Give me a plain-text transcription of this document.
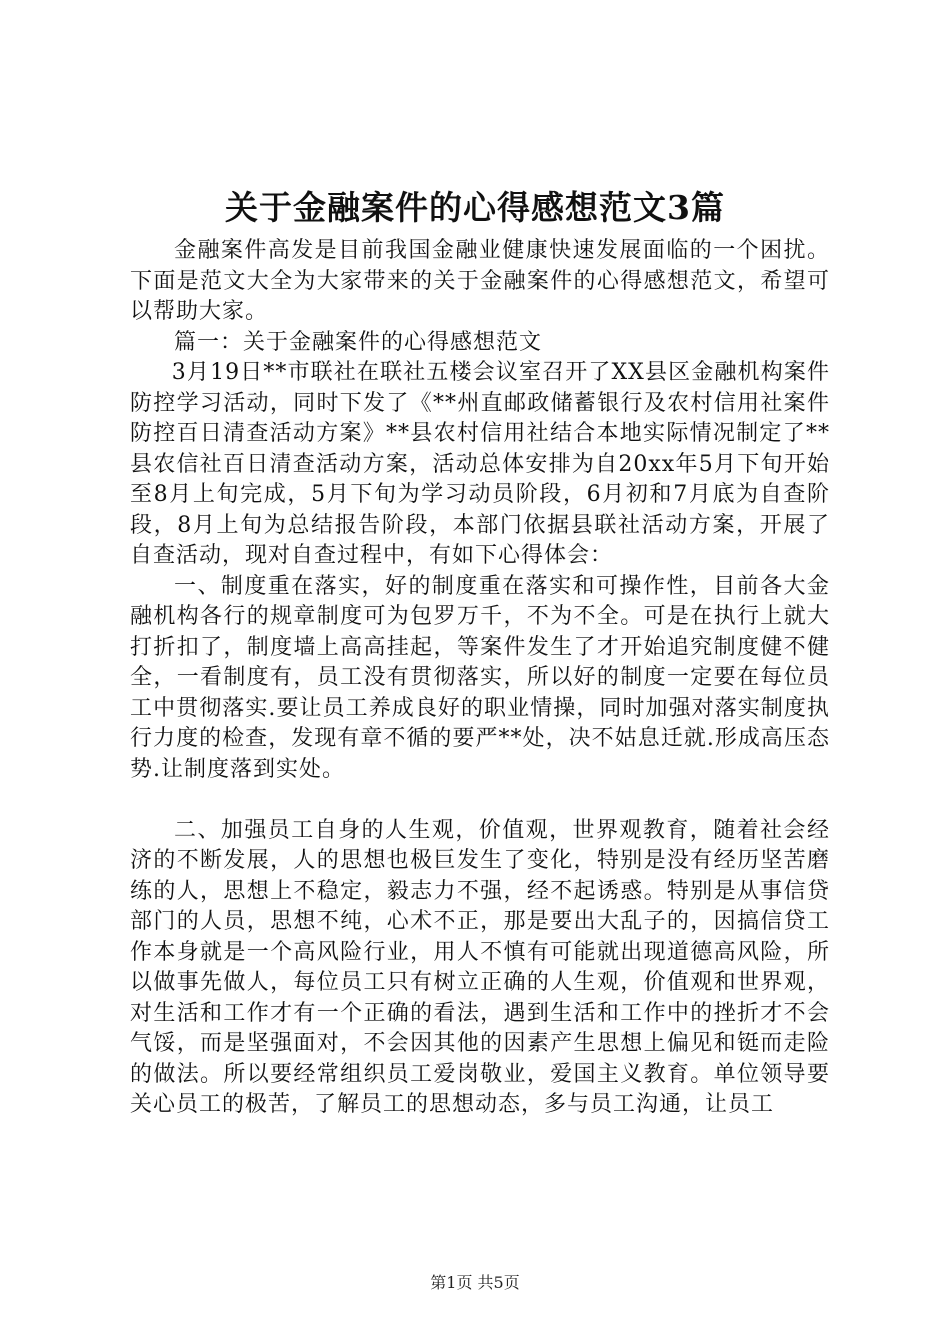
关于金融案件的心得感想范文3篇

金融案件高发是目前我国金融业健康快速发展面临的一个困扰。下面是范文大全为大家带来的关于金融案件的心得感想范文，希望可以帮助大家。

篇一：关于金融案件的心得感想范文

3月19日**市联社在联社五楼会议室召开了XX县区金融机构案件防控学习活动，同时下发了《**州直邮政储蓄银行及农村信用社案件防控百日清查活动方案》**县农村信用社结合本地实际情况制定了**县农信社百日清查活动方案，活动总体安排为自20xx年5月下旬开始至8月上旬完成，5月下旬为学习动员阶段，6月初和7月底为自查阶段，8月上旬为总结报告阶段，本部门依据县联社活动方案，开展了自查活动，现对自查过程中，有如下心得体会：

一、制度重在落实，好的制度重在落实和可操作性，目前各大金融机构各行的规章制度可为包罗万千，不为不全。可是在执行上就大打折扣了，制度墙上高高挂起，等案件发生了才开始追究制度健不健全，一看制度有，员工没有贯彻落实，所以好的制度一定要在每位员工中贯彻落实.要让员工养成良好的职业情操，同时加强对落实制度执行力度的检查，发现有章不循的要严**处，决不姑息迁就.形成高压态势.让制度落到实处。

二、加强员工自身的人生观，价值观，世界观教育，随着社会经济的不断发展，人的思想也极巨发生了变化，特别是没有经历坚苦磨练的人，思想上不稳定，毅志力不强，经不起诱惑。特别是从事信贷部门的人员，思想不纯，心术不正，那是要出大乱子的，因搞信贷工作本身就是一个高风险行业，用人不慎有可能就出现道德高风险，所以做事先做人，每位员工只有树立正确的人生观，价值观和世界观，对生活和工作才有一个正确的看法，遇到生活和工作中的挫折才不会气馁，而是坚强面对，不会因其他的因素产生思想上偏见和铤而走险的做法。所以要经常组织员工爱岗敬业，爱国主义教育。单位领导要关心员工的极苦，了解员工的思想动态，多与员工沟通，让员工

第1页 共5页
